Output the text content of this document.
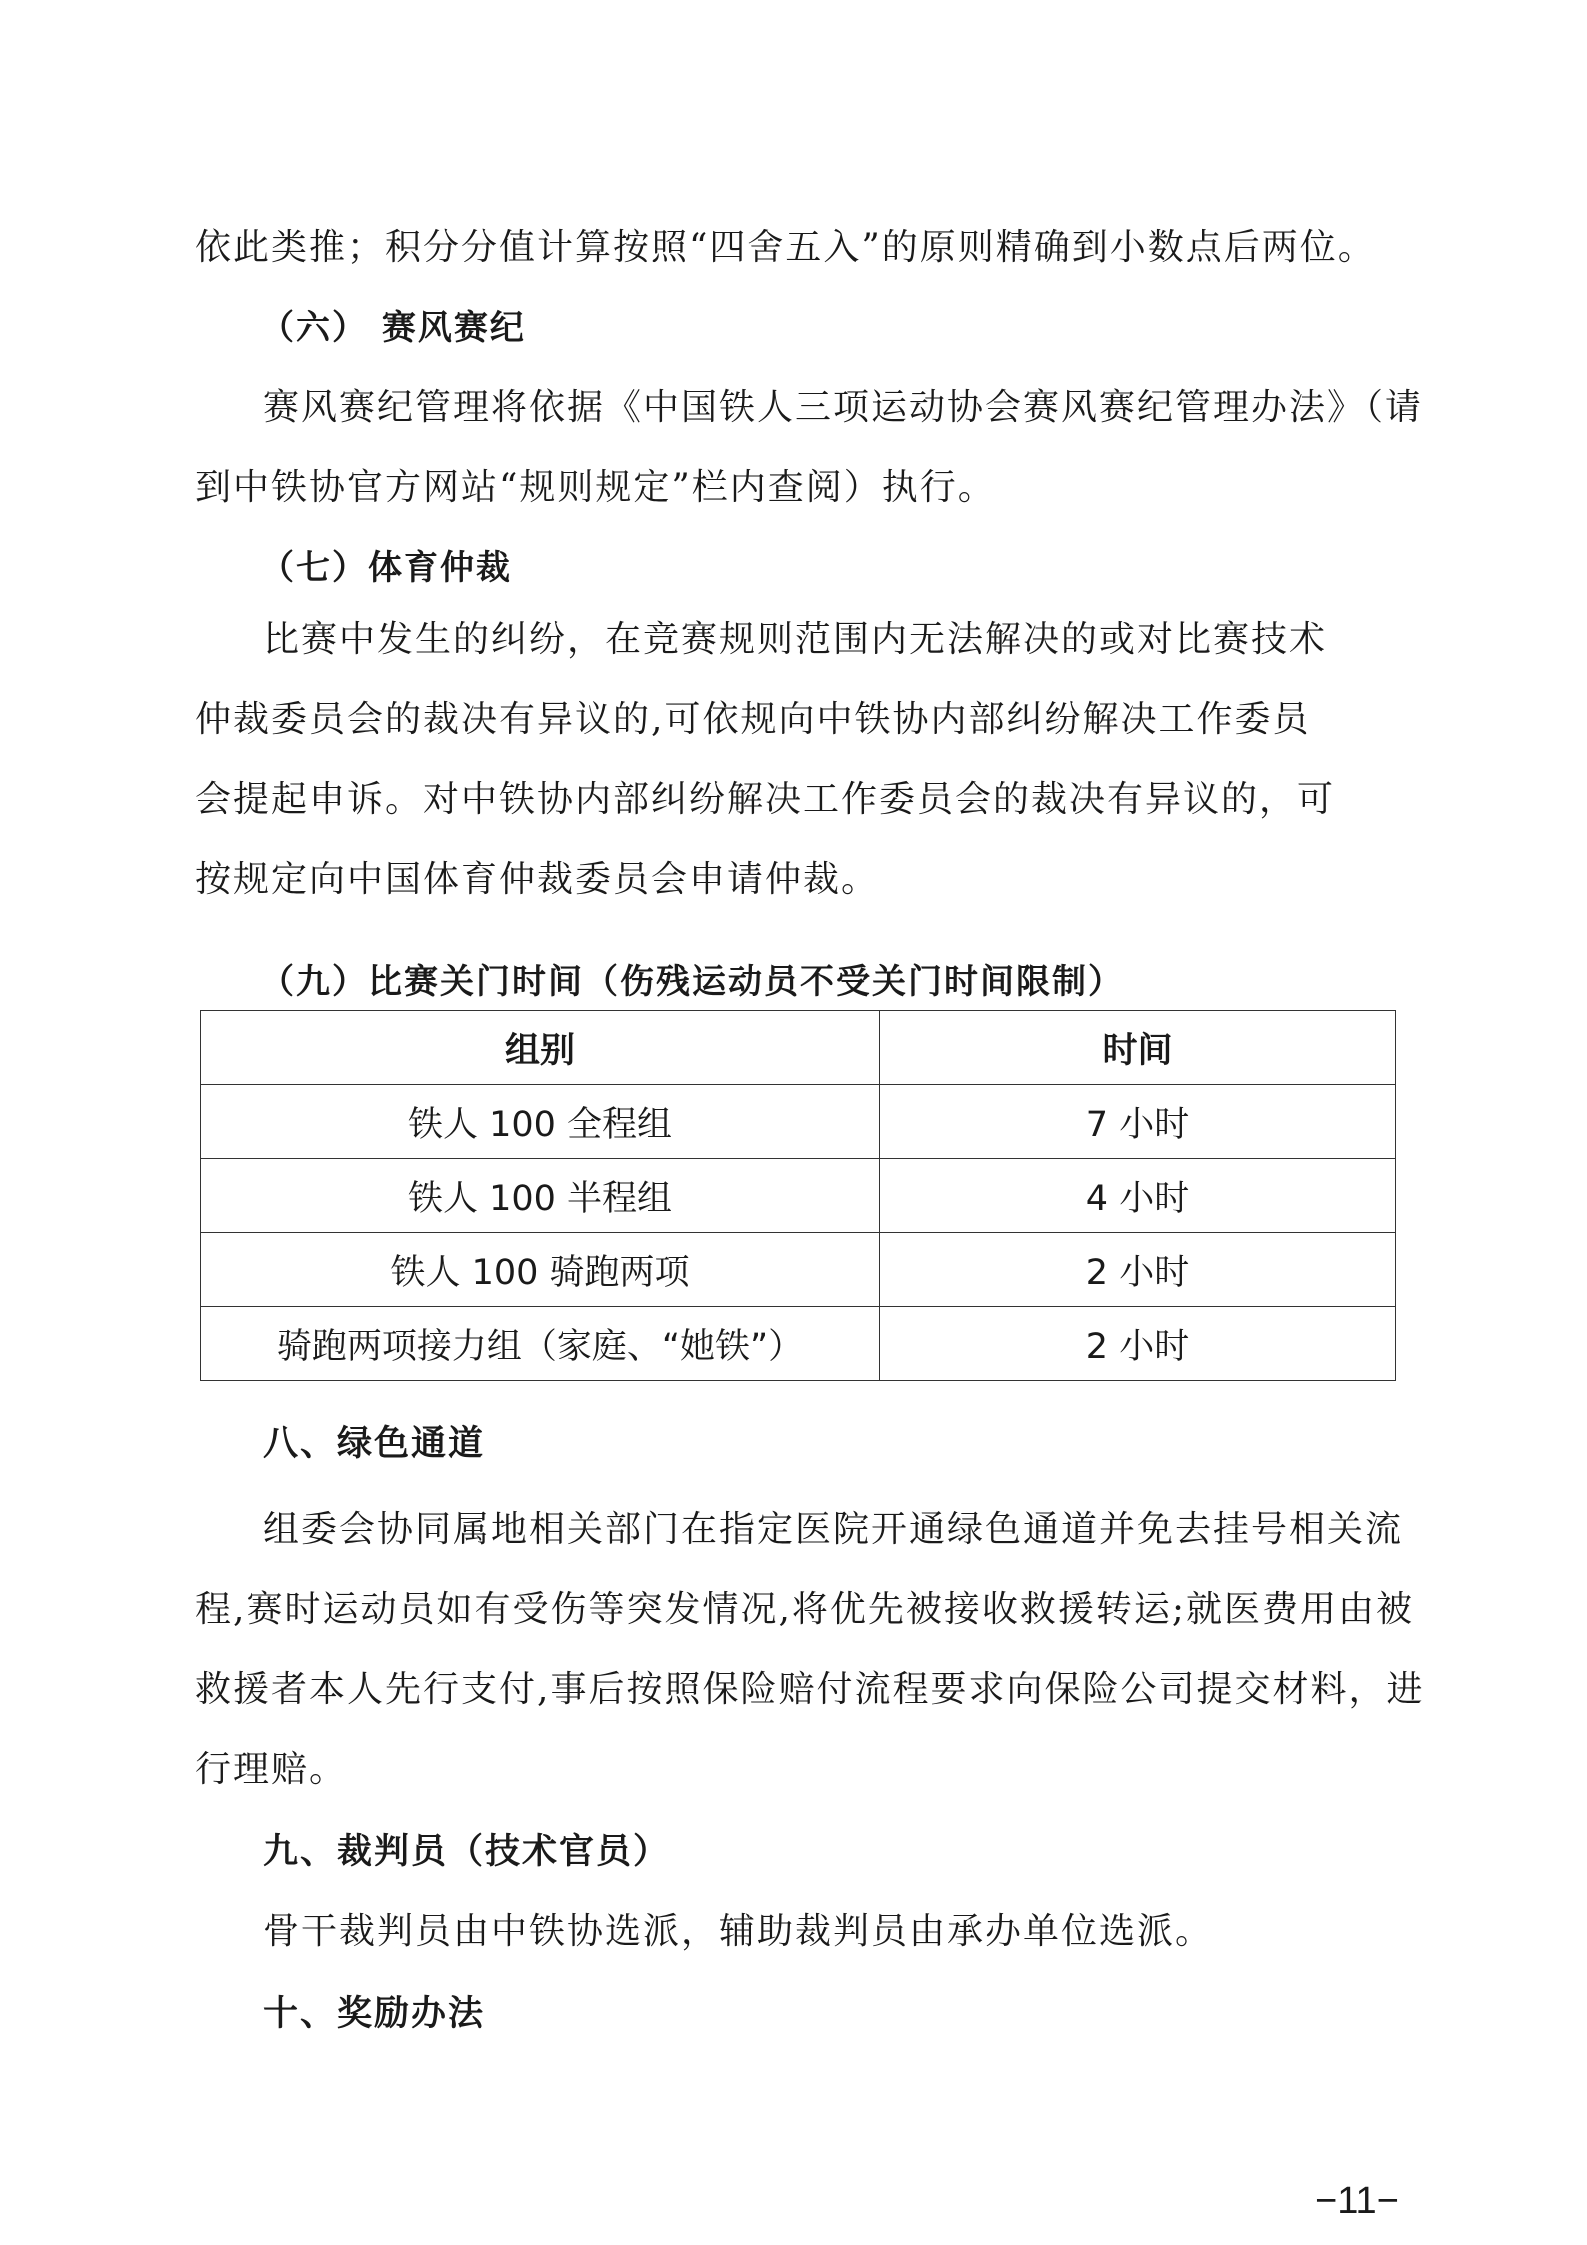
依此类推；积分分值计算按照“四舍五入”的原则精确到小数点后两位。
（六） 赛风赛纪
赛风赛纪管理将依据《中国铁人三项运动协会赛风赛纪管理办法》（请
到中铁协官方网站“规则规定”栏内查阅）执行。
（七）体育仲裁
比赛中发生的纠纷，在竞赛规则范围内无法解决的或对比赛技术
仲裁委员会的裁决有异议的,可依规向中铁协内部纠纷解决工作委员
会提起申诉。对中铁协内部纠纷解决工作委员会的裁决有异议的，可
按规定向中国体育仲裁委员会申请仲裁。
（九）比赛关门时间（伤残运动员不受关门时间限制）
组别	时间
铁人 100 全程组	7 小时
铁人 100 半程组	4 小时
铁人 100 骑跑两项	2 小时
骑跑两项接力组（家庭、“她铁”）	2 小时
八、绿色通道
组委会协同属地相关部门在指定医院开通绿色通道并免去挂号相关流
程,赛时运动员如有受伤等突发情况,将优先被接收救援转运;就医费用由被
救援者本人先行支付,事后按照保险赔付流程要求向保险公司提交材料，进
行理赔。
九、裁判员（技术官员）
骨干裁判员由中铁协选派，辅助裁判员由承办单位选派。
十、奖励办法
−11−
